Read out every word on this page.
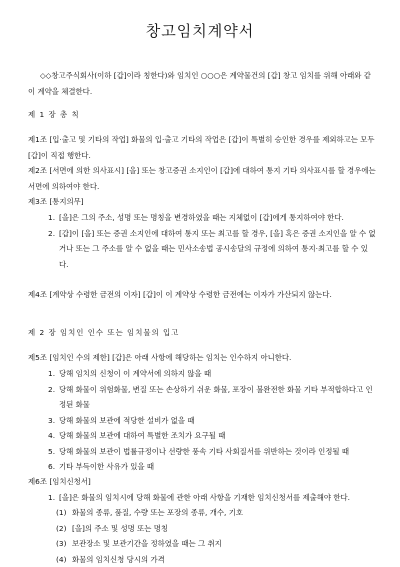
창고임치계약서

◇◇창고주식회사(이하 [갑]이라 칭한다)와 임치인 ○○○은 계약물건의 [갑] 창고 임치를 위해 아래와 같이 계약을 체결한다.

제 1 장 총 칙

제1조 [입·출고 및 기타의 작업] 화물의 입·출고 기타의 작업은 [갑]이 특별히 승인한 경우를 제외하고는 모두 [갑]이 직접 행한다.

제2조 [서면에 의한 의사표시] [을] 또는 창고증권 소지인이 [갑]에 대하여 통지 기타 의사표시를 할 경우에는 서면에 의하여야 한다.

제3조 [통지의무]

1. [을]은 그의 주소, 성명 또는 명칭을 변경하였을 때는 지체없이 [갑]에게 통지하여야 한다.
2. [갑]이 [을] 또는 증권 소지인에 대하여 통지 또는 최고를 할 경우, [을] 혹은 증권 소지인을 알 수 없거나 또는 그 주소를 알 수 없을 때는 민사소송법 공시송달의 규정에 의하여 통지·최고를 할 수 있다.

제4조 [계약상 수령한 금전의 이자] [갑]이 이 계약상 수령한 금전에는 이자가 가산되지 않는다.

제 2 장 임치인 인수 또는 임치물의 입고

제5조 [임치인 수의 제한] [갑]은 아래 사항에 해당하는 임치는 인수하지 아니한다.

1. 당해 임치의 신청이 이 계약서에 의하지 않을 때
2. 당해 화물이 위험화물, 변질 또는 손상하기 쉬운 화물, 포장이 불완전한 화물 기타 부적합하다고 인정된 화물
3. 당해 화물의 보관에 적당한 설비가 없을 때
4. 당해 화물의 보관에 대하여 특별한 조치가 요구될 때
5. 당해 화물의 보관이 법률규정이나 선량한 풍속 기타 사회질서를 위반하는 것이라 인정될 때
6. 기타 부득이한 사유가 있을 때

제6조 [임치신청서]

1. [을]은 화물의 임치시에 당해 화물에 관한 아래 사항을 기재한 임치신청서를 제출해야 한다.
(1) 화물의 종류, 품질, 수량 또는 포장의 종류, 개수, 기호
(2) [을]의 주소 및 성명 또는 명칭
(3) 보관장소 및 보관기간을 정하였을 때는 그 취지
(4) 화물의 임치신청 당시의 가격
